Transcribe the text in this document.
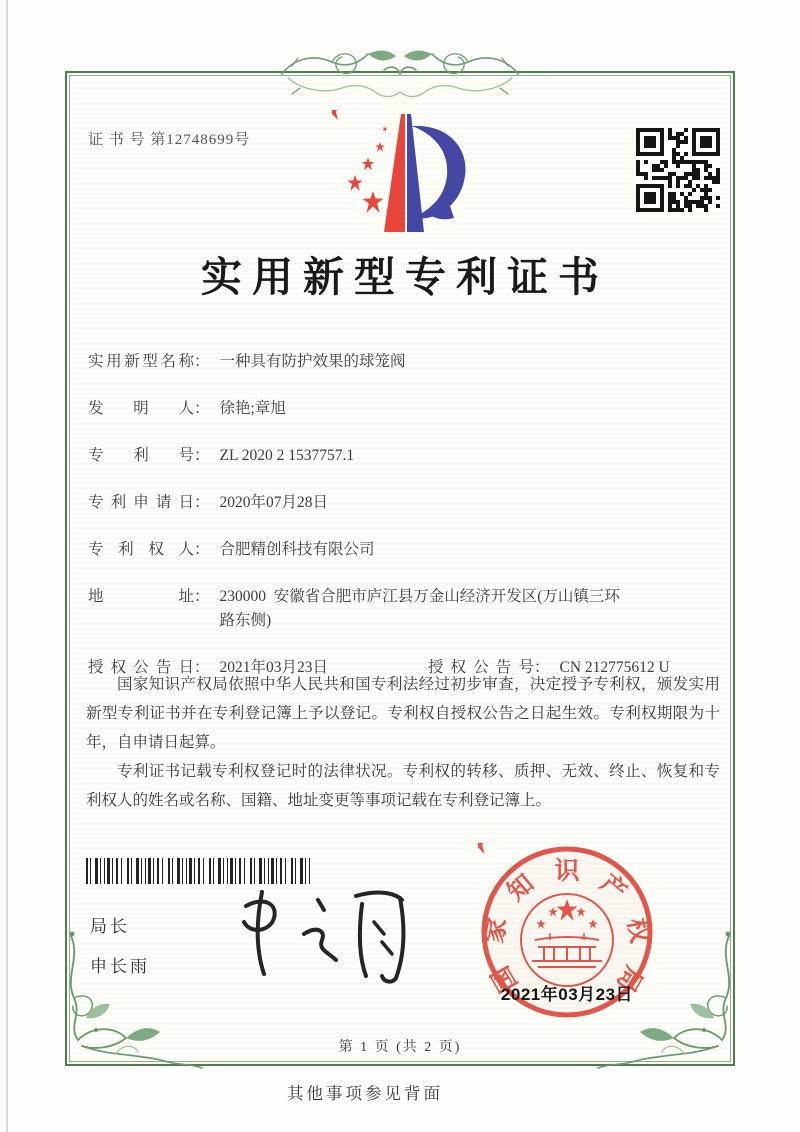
证 书 号 第12748699号
实用新型专利证书
实用新型名称 ： 一种具有防护效果的球笼阀
发明人 ： 徐艳;章旭
专利号 ： ZL 2020 2 1537757.1
专利申请日 ： 2020年07月28日
专利权人 ： 合肥精创科技有限公司
地址 ： 230000  安徽省合肥市庐江县万金山经济开发区(万山镇三环路东侧)
授权公告日 ： 2021年03月23日	授权公告号 ： CN 212775612 U

国家知识产权局依照中华人民共和国专利法经过初步审查，决定授予专利权，颁发实用新型专利证书并在专利登记簿上予以登记。专利权自授权公告之日起生效。专利权期限为十年，自申请日起算。

专利证书记载专利权登记时的法律状况。专利权的转移、质押、无效、终止、恢复和专利权人的姓名或名称、国籍、地址变更等事项记载在专利登记簿上。

局长
申长雨	国
家
知 识 产
权
局
2021年03月23日
第 1 页 (共 2 页)
其他事项参见背面
